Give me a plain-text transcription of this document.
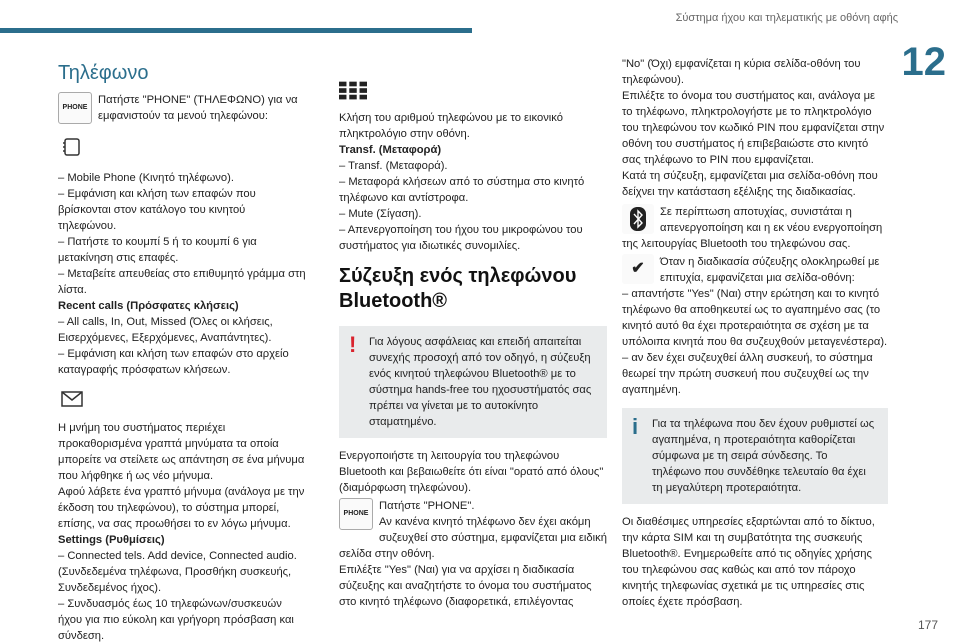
Σύστημα ήχου και τηλεματικής με οθόνη αφής
12
Τηλέφωνο
PHONE

Πατήστε "PHONE" (ΤΗΛΕΦΩΝΟ) για να εμφανιστούν τα μενού τηλεφώνου:

– Mobile Phone (Κινητό τηλέφωνο).

– Εμφάνιση και κλήση των επαφών που βρίσκονται στον κατάλογο του κινητού τηλεφώνου.

– Πατήστε το κουμπί 5 ή το κουμπί 6 για μετακίνηση στις επαφές.

– Μεταβείτε απευθείας στο επιθυμητό γράμμα στη λίστα.

Recent calls (Πρόσφατες κλήσεις)

– All calls, In, Out, Missed (Όλες οι κλήσεις, Εισερχόμενες, Εξερχόμενες, Αναπάντητες).

– Εμφάνιση και κλήση των επαφών στο αρχείο καταγραφής πρόσφατων κλήσεων.

Η μνήμη του συστήματος περιέχει προκαθορισμένα γραπτά μηνύματα τα οποία μπορείτε να στείλετε ως απάντηση σε ένα μήνυμα που λήφθηκε ή ως νέο μήνυμα.

Αφού λάβετε ένα γραπτό μήνυμα (ανάλογα με την έκδοση του τηλεφώνου), το σύστημα μπορεί, επίσης, να σας προωθήσει το εν λόγω μήνυμα.

Settings (Ρυθμίσεις)

– Connected tels. Add device, Connected audio. (Συνδεδεμένα τηλέφωνα, Προσθήκη συσκευής, Συνδεδεμένος ήχος).

– Συνδυασμός έως 10 τηλεφώνων/συσκευών ήχου για πιο εύκολη και γρήγορη πρόσβαση και σύνδεση.

Κλήση του αριθμού τηλεφώνου με το εικονικό πληκτρολόγιο στην οθόνη.

Transf. (Μεταφορά)

– Transf. (Μεταφορά).

– Μεταφορά κλήσεων από το σύστημα στο κινητό τηλέφωνο και αντίστροφα.

– Mute (Σίγαση).

– Απενεργοποίηση του ήχου του μικροφώνου του συστήματος για ιδιωτικές συνομιλίες.

Σύζευξη ενός τηλεφώνου Bluetooth®
! Για λόγους ασφάλειας και επειδή απαιτείται συνεχής προσοχή από τον οδηγό, η σύζευξη ενός κινητού τηλεφώνου Bluetooth® με το σύστημα hands-free του ηχοσυστήματός σας πρέπει να γίνεται με το αυτοκίνητο σταματημένο.

Ενεργοποιήστε τη λειτουργία του τηλεφώνου Bluetooth και βεβαιωθείτε ότι είναι "ορατό από όλους" (διαμόρφωση τηλεφώνου).

PHONE

Πατήστε "PHONE".

Αν κανένα κινητό τηλέφωνο δεν έχει ακόμη συζευχθεί στο σύστημα, εμφανίζεται μια ειδική σελίδα στην οθόνη.

Επιλέξτε "Yes" (Ναι) για να αρχίσει η διαδικασία σύζευξης και αναζητήστε το όνομα του συστήματος στο κινητό τηλέφωνο (διαφορετικά, επιλέγοντας

"No" (Όχι) εμφανίζεται η κύρια σελίδα-οθόνη του τηλεφώνου).

Επιλέξτε το όνομα του συστήματος και, ανάλογα με το τηλέφωνο, πληκτρολογήστε με το πληκτρολόγιο του τηλεφώνου τον κωδικό PIN που εμφανίζεται στην οθόνη του συστήματος ή επιβεβαιώστε στο κινητό σας τηλέφωνο το PIN που εμφανίζεται.

Κατά τη σύζευξη, εμφανίζεται μια σελίδα-οθόνη που δείχνει την κατάσταση εξέλιξης της διαδικασίας.

Σε περίπτωση αποτυχίας, συνιστάται η απενεργοποίηση και η εκ νέου ενεργοποίηση της λειτουργίας Bluetooth του τηλεφώνου σας.

✔	Όταν η διαδικασία σύζευξης ολοκληρωθεί με επιτυχία, εμφανίζεται μια σελίδα-οθόνη:

– απαντήστε "Yes" (Ναι) στην ερώτηση και το κινητό τηλέφωνο θα αποθηκευτεί ως το αγαπημένο σας (το κινητό αυτό θα έχει προτεραιότητα σε σχέση με τα υπόλοιπα κινητά που θα συζευχθούν μεταγενέστερα).

– αν δεν έχει συζευχθεί άλλη συσκευή, το σύστημα θεωρεί την πρώτη συσκευή που συζευχθεί ως την αγαπημένη.

i Για τα τηλέφωνα που δεν έχουν ρυθμιστεί ως αγαπημένα, η προτεραιότητα καθορίζεται σύμφωνα με τη σειρά σύνδεσης. Το τηλέφωνο που συνδέθηκε τελευταίο θα έχει τη μεγαλύτερη προτεραιότητα.

Οι διαθέσιμες υπηρεσίες εξαρτώνται από το δίκτυο, την κάρτα SIM και τη συμβατότητα της συσκευής Bluetooth®. Ενημερωθείτε από τις οδηγίες χρήσης του τηλεφώνου σας καθώς και από τον πάροχο κινητής τηλεφωνίας σχετικά με τις υπηρεσίες στις οποίες έχετε πρόσβαση.

177
